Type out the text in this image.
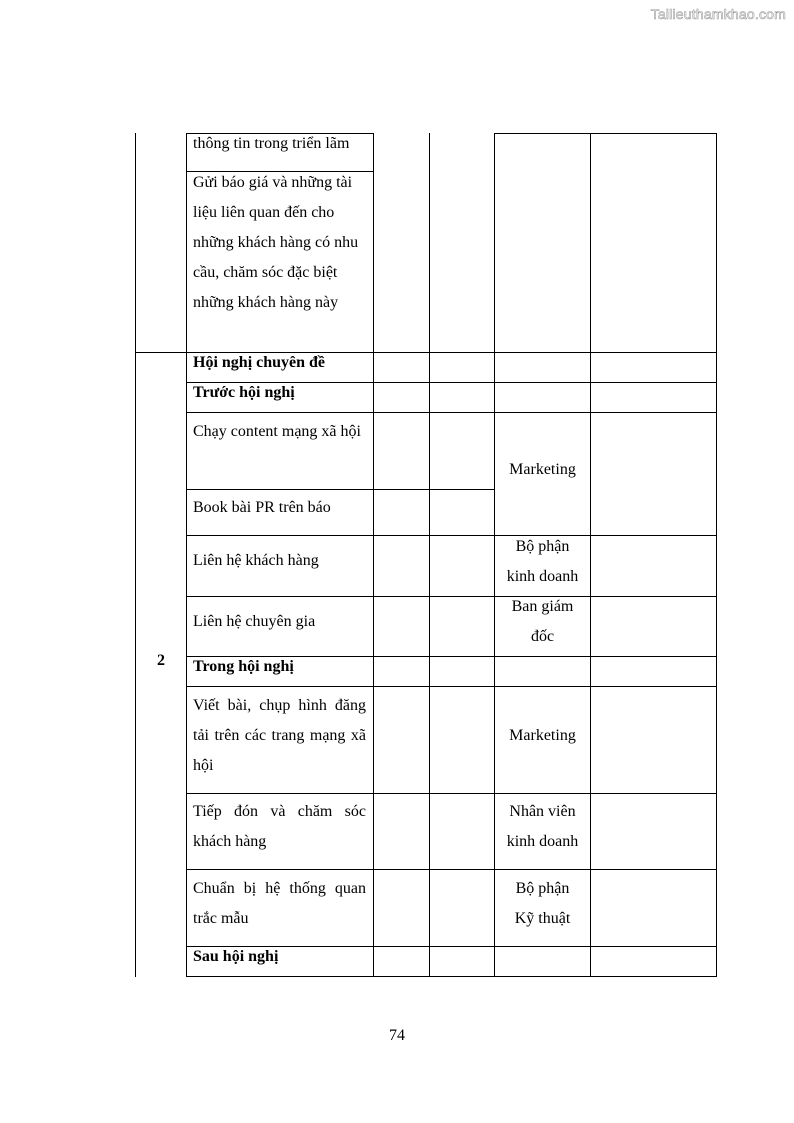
Tailieuthamkhao.com
thông tin trong triển lãm
Gửi báo giá và những tài liệu liên quan đến cho những khách hàng có nhu cầu, chăm sóc đặc biệt những khách hàng này
2
Hội nghị chuyên đề
Trước hội nghị
Chạy content mạng xã hội
Book bài PR trên báo
Liên hệ khách hàng
Liên hệ chuyên gia
Marketing
Bộ phận kinh doanh
Ban giám đốc
Trong hội nghị
Viết bài, chụp hình đăng tải trên các trang mạng xã hội
Tiếp đón và chăm sóc khách hàng
Chuẩn bị hệ thống quan trắc mẫu
Marketing
Nhân viên kinh doanh
Bộ phận Kỹ thuật
Sau hội nghị
74
